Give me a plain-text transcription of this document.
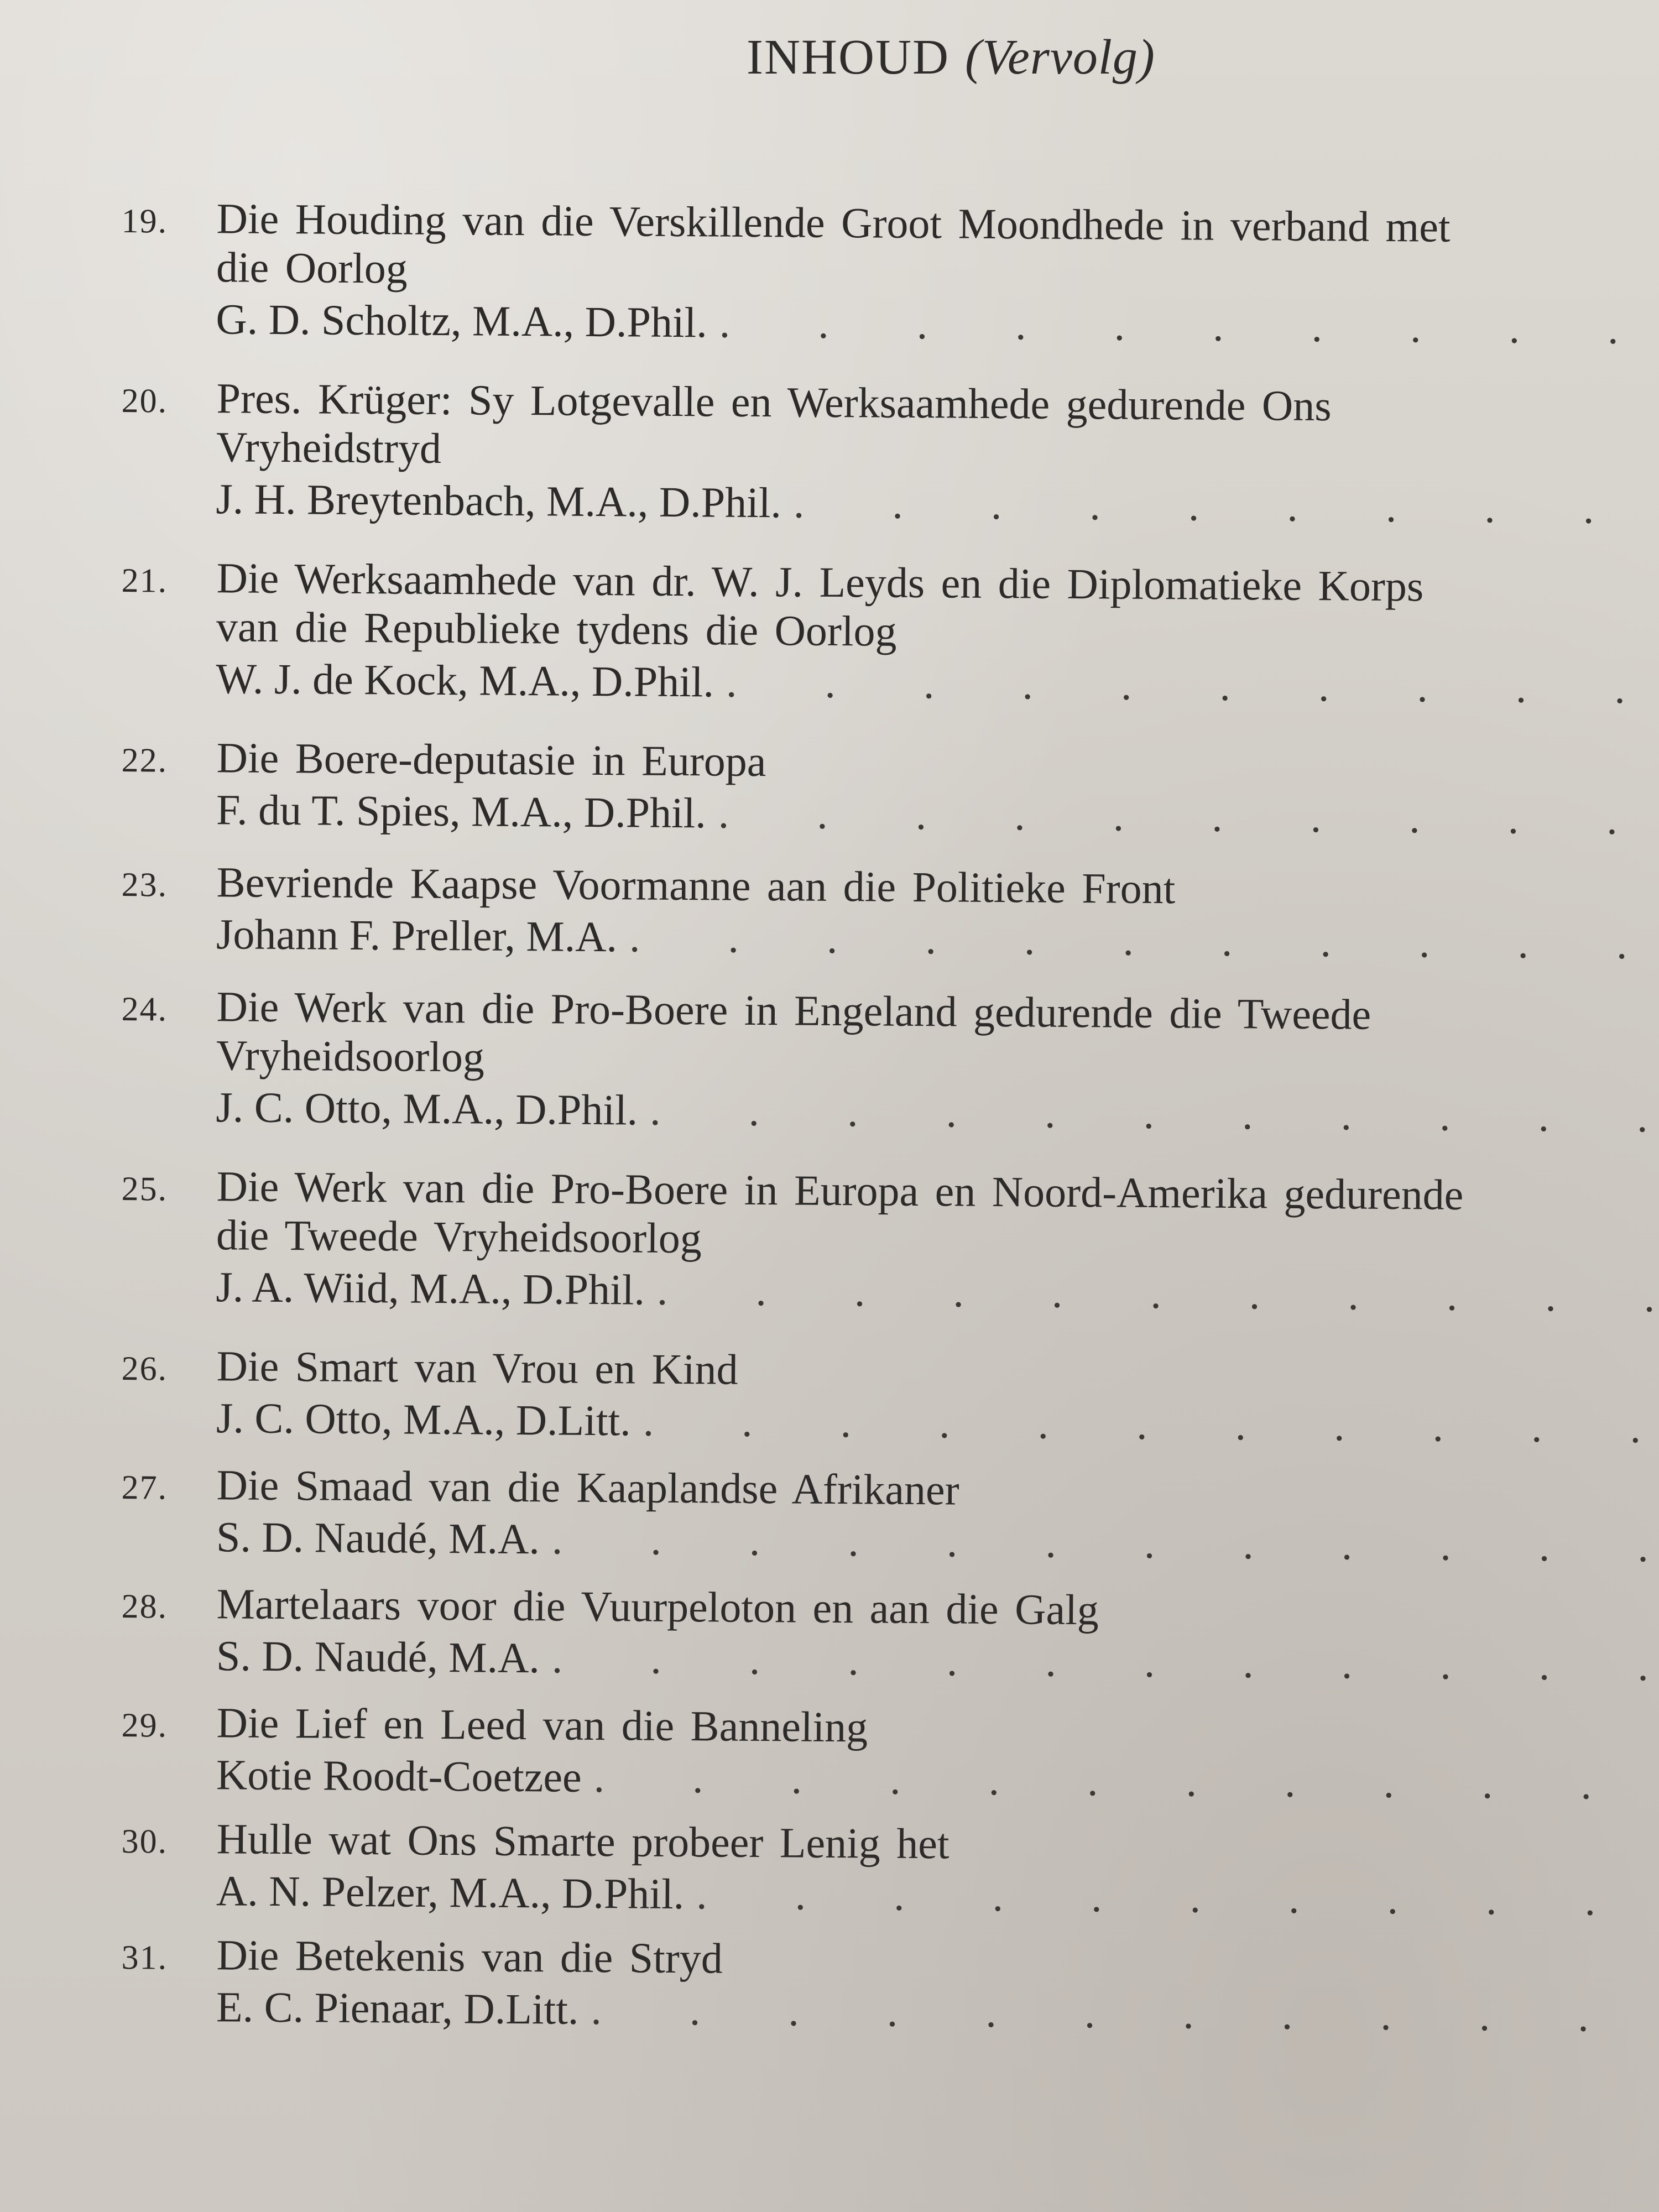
INHOUD (Vervolg)
19. Die Houding van die Verskillende Groot Moondhede in verband met
die Oorlog
G. D. Scholtz, M.A., D.Phil.
. .
20. Pres. Krüger: Sy Lotgevalle en Werksaamhede gedurende Ons
Vryheidstryd
J. H. Breytenbach, M.A., D.Phil.
. .
21. Die Werksaamhede van dr. W. J. Leyds en die Diplomatieke Korps
van die Republieke tydens die Oorlog
W. J. de Kock, M.A., D.Phil.
. .
22. Die Boere-deputasie in Europa
F. du T. Spies, M.A., D.Phil.
. .
23. Bevriende Kaapse Voormanne aan die Politieke Front
Johann F. Preller, M.A.
. .
24. Die Werk van die Pro-Boere in Engeland gedurende die Tweede
Vryheidsoorlog
J. C. Otto, M.A., D.Phil.
. .
25. Die Werk van die Pro-Boere in Europa en Noord-Amerika gedurende
die Tweede Vryheidsoorlog
J. A. Wiid, M.A., D.Phil.
. .
26. Die Smart van Vrou en Kind
J. C. Otto, M.A., D.Litt.
. .
27. Die Smaad van die Kaaplandse Afrikaner
S. D. Naudé, M.A.
. .
28. Martelaars voor die Vuurpeloton en aan die Galg
S. D. Naudé, M.A.
. .
29. Die Lief en Leed van die Banneling
Kotie Roodt-Coetzee
. .
30. Hulle wat Ons Smarte probeer Lenig het
A. N. Pelzer, M.A., D.Phil.
. .
31. Die Betekenis van die Stryd
E. C. Pienaar, D.Litt.
. .
